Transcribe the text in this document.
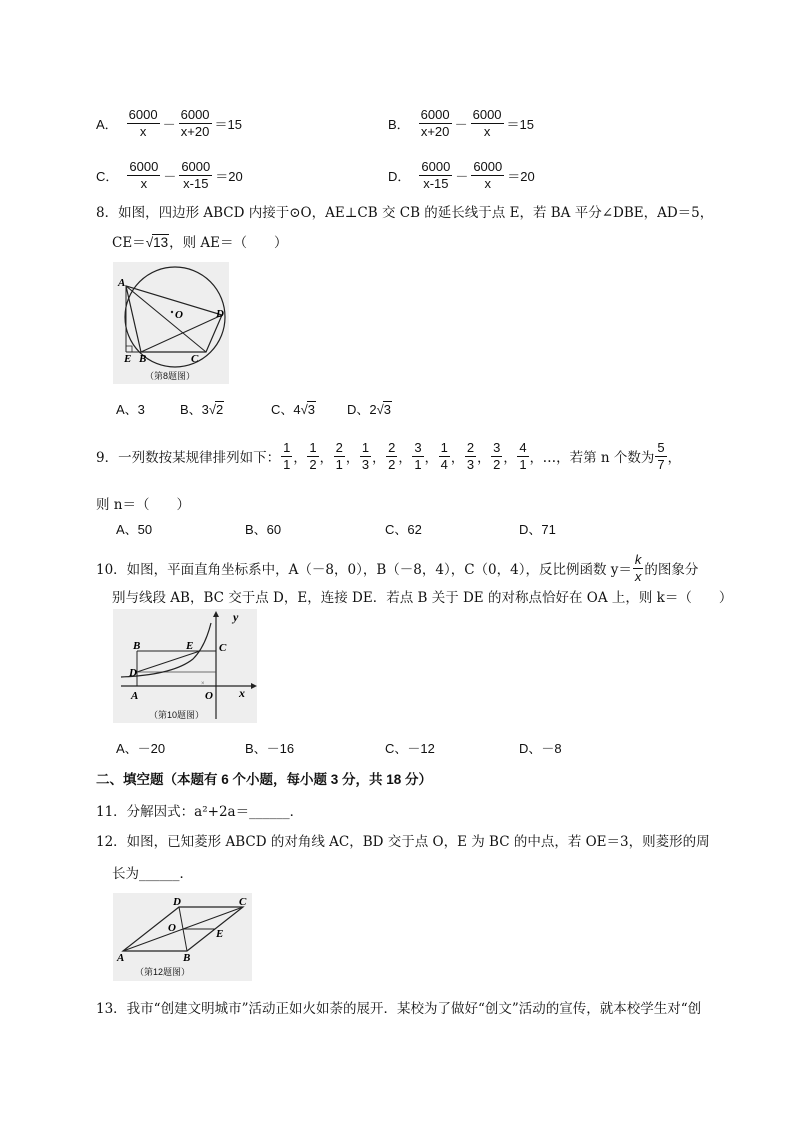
A． $\frac{6000}{x} - \frac{6000}{x+20} =15$	B． $\frac{6000}{x+20} - \frac{6000}{x} =15$
C． $\frac{6000}{x} - \frac{6000}{x-15} =20$	D． $\frac{6000}{x-15} - \frac{6000}{x} =20$
8．如图，四边形 ABCD 内接于⊙O，AE⊥CB 交 CB 的延长线于点 E，若 BA 平分∠DBE，AD＝5，
CE＝√13，则 AE＝（　　）
A
O	D
E B	C
（第8题图）
A、3	B、3√2	C、4√3 D、2√3
9．一列数按某规律排列如下： $\frac{1}{1}$ ， $\frac{1}{2}$ ， $\frac{2}{1}$ ， $\frac{1}{3}$ ， $\frac{2}{2}$ ， $\frac{3}{1}$ ， $\frac{1}{4}$ ， $\frac{2}{3}$ ， $\frac{3}{2}$ ， $\frac{4}{1}$ ， …，若第 n 个数为 $\frac{5}{7}$ ，
则 n＝（　　）
A、50	B、60	C、62	D、71
10．如图，平面直角坐标系中，A（－8，0），B（－8，4），C（0，4），反比例函数 $y= \frac{k}{x}$ 的图象分
别与线段 AB，BC 交于点 D，E，连接 DE．若点 B 关于 DE 的对称点恰好在 OA 上，则 k＝（　　）
×
y
B	E C
D
A	O x
（第10题图）
A、－20	B、－16	C、－12	D、－8
二、填空题（本题有 6 个小题，每小题 3 分，共 18 分）
11．分解因式：a²+2a＝______．
12．如图，已知菱形 ABCD 的对角线 AC，BD 交于点 O，E 为 BC 的中点，若 OE＝3，则菱形的周
长为______．
D	C
O	E
A	B
（第12题图）
13．我市“创建文明城市”活动正如火如荼的展开．某校为了做好“创文”活动的宣传，就本校学生对“创
